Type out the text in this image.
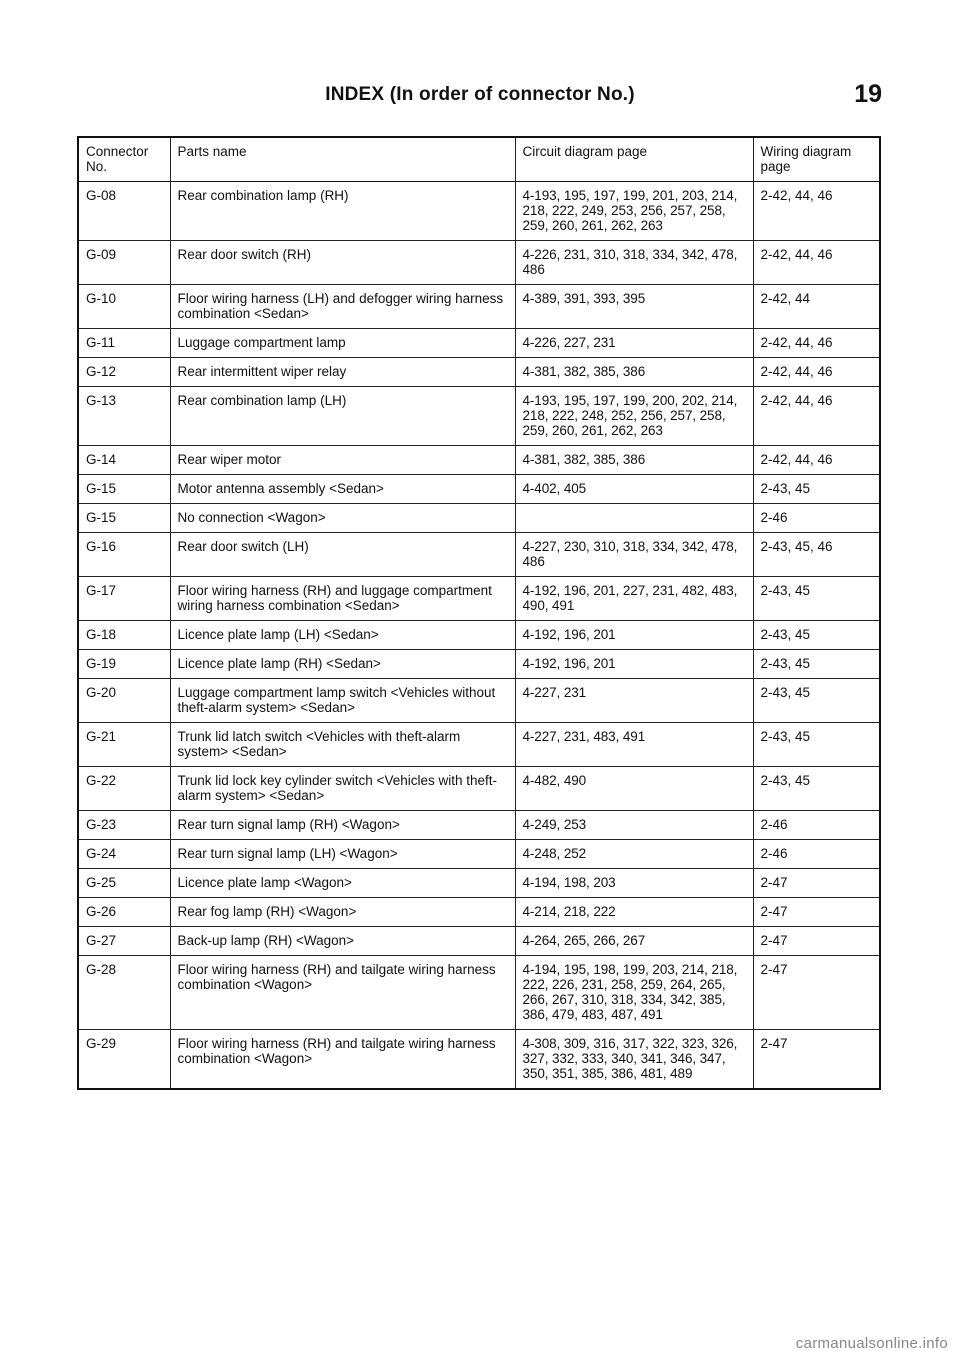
INDEX (In order of connector No.)	19
Connector No.	Parts name	Circuit diagram page	Wiring diagram page
G-08	Rear combination lamp (RH)	4-193, 195, 197, 199, 201, 203, 214, 218, 222, 249, 253, 256, 257, 258, 259, 260, 261, 262, 263	2-42, 44, 46
G-09	Rear door switch (RH)	4-226, 231, 310, 318, 334, 342, 478, 486	2-42, 44, 46
G-10	Floor wiring harness (LH) and defogger wiring harness combination <Sedan>	4-389, 391, 393, 395	2-42, 44
G-11	Luggage compartment lamp	4-226, 227, 231	2-42, 44, 46
G-12	Rear intermittent wiper relay	4-381, 382, 385, 386	2-42, 44, 46
G-13	Rear combination lamp (LH)	4-193, 195, 197, 199, 200, 202, 214, 218, 222, 248, 252, 256, 257, 258, 259, 260, 261, 262, 263	2-42, 44, 46
G-14	Rear wiper motor	4-381, 382, 385, 386	2-42, 44, 46
G-15	Motor antenna assembly <Sedan>	4-402, 405	2-43, 45
G-15	No connection <Wagon>		2-46
G-16	Rear door switch (LH)	4-227, 230, 310, 318, 334, 342, 478, 486	2-43, 45, 46
G-17	Floor wiring harness (RH) and luggage compartment wiring harness combination <Sedan>	4-192, 196, 201, 227, 231, 482, 483, 490, 491	2-43, 45
G-18	Licence plate lamp (LH) <Sedan>	4-192, 196, 201	2-43, 45
G-19	Licence plate lamp (RH) <Sedan>	4-192, 196, 201	2-43, 45
G-20	Luggage compartment lamp switch <Vehicles without theft-alarm system> <Sedan>	4-227, 231	2-43, 45
G-21	Trunk lid latch switch <Vehicles with theft-alarm system> <Sedan>	4-227, 231, 483, 491	2-43, 45
G-22	Trunk lid lock key cylinder switch <Vehicles with theft-alarm system> <Sedan>	4-482, 490	2-43, 45
G-23	Rear turn signal lamp (RH) <Wagon>	4-249, 253	2-46
G-24	Rear turn signal lamp (LH) <Wagon>	4-248, 252	2-46
G-25	Licence plate lamp <Wagon>	4-194, 198, 203	2-47
G-26	Rear fog lamp (RH) <Wagon>	4-214, 218, 222	2-47
G-27	Back-up lamp (RH) <Wagon>	4-264, 265, 266, 267	2-47
G-28	Floor wiring harness (RH) and tailgate wiring harness combination <Wagon>	4-194, 195, 198, 199, 203, 214, 218, 222, 226, 231, 258, 259, 264, 265, 266, 267, 310, 318, 334, 342, 385, 386, 479, 483, 487, 491	2-47
G-29	Floor wiring harness (RH) and tailgate wiring harness combination <Wagon>	4-308, 309, 316, 317, 322, 323, 326, 327, 332, 333, 340, 341, 346, 347, 350, 351, 385, 386, 481, 489	2-47
carmanualsonline.info
